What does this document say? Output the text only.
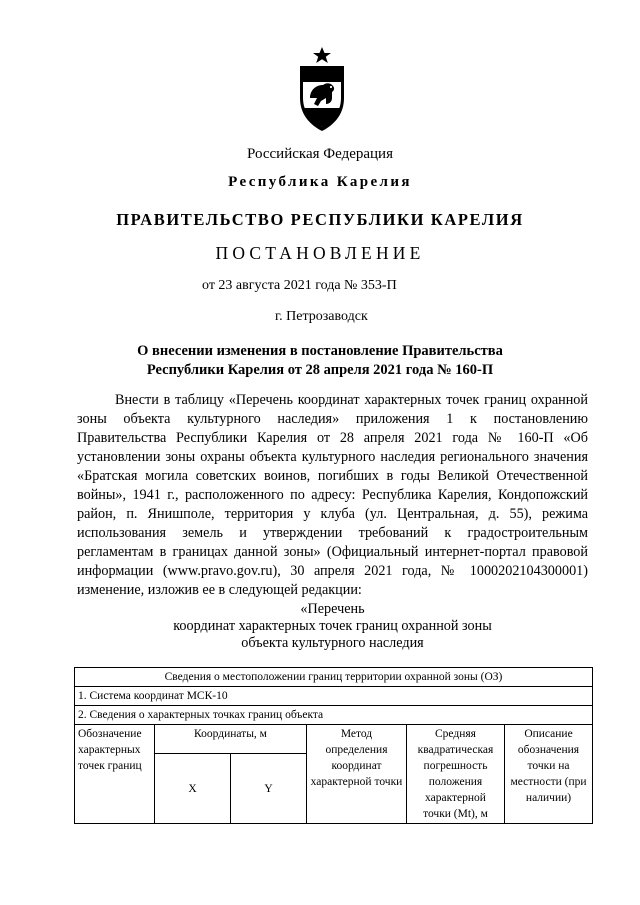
Российская Федерация
Республика Карелия
ПРАВИТЕЛЬСТВО РЕСПУБЛИКИ КАРЕЛИЯ
ПОСТАНОВЛЕНИЕ
от 23 августа 2021 года № 353-П
г. Петрозаводск
О внесении изменения в постановление Правительства
Республики Карелия от 28 апреля 2021 года № 160-П

Внести в таблицу «Перечень координат характерных точек границ охранной зоны объекта культурного наследия» приложения 1 к постановлению Правительства Республики Карелия от 28 апреля 2021 года № 160-П «Об установлении зоны охраны объекта культурного наследия регионального значения «Братская могила советских воинов, погибших в годы Великой Отечественной войны», 1941 г., расположенного по адресу: Республика Карелия, Кондопожский район, п. Янишполе, территория у клуба (ул. Центральная, д. 55), режима использования земель и утверждении требований к градостроительным регламентам в границах данной зоны» (Официальный интернет-портал правовой информации (www.pravo.gov.ru), 30 апреля 2021 года, № 1000202104300001) изменение, изложив ее в следующей редакции:

«Перечень
координат характерных точек границ охранной зоны
объекта культурного наследия
Сведения о местоположении границ территории охранной зоны (ОЗ)					
1. Система координат МСК-10					
2. Сведения о характерных точках границ объекта					
Обозначение характерных точек границ	Координаты, м		Метод определения координат характерной точки	Средняя квадратическая погрешность положения характерной точки (Mt), м	Описание обозначения точки на местности (при наличии)
	X	Y			
